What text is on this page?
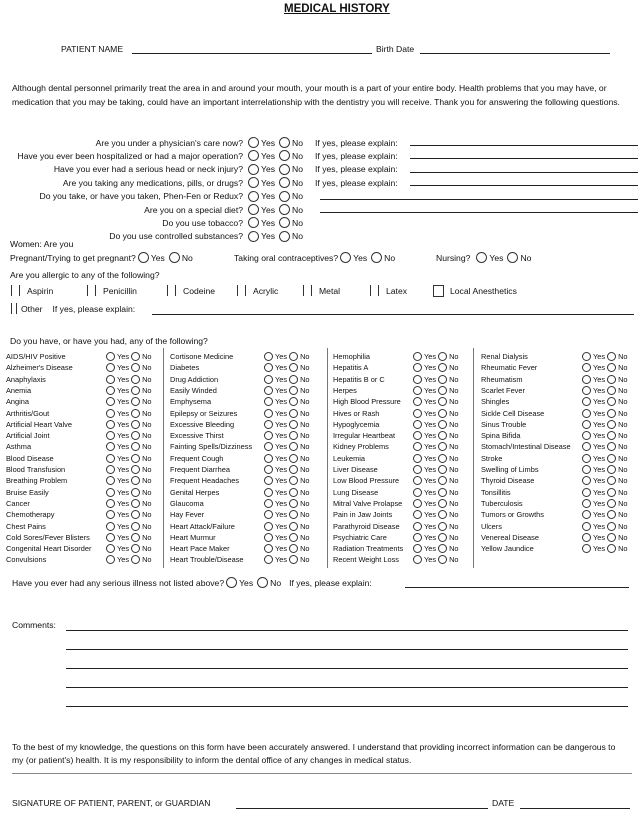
MEDICAL HISTORY
PATIENT NAME	Birth Date
Although dental personnel primarily treat the area in and around your mouth, your mouth is a part of your entire body. Health problems that you may have, or medication that you may be taking, could have an important interrelationship with the dentistry you will receive. Thank you for answering the following questions.
Are you under a physician's care now?	Yes No If yes, please explain:
Have you ever been hospitalized or had a major operation?	Yes No If yes, please explain:
Have you ever had a serious head or neck injury?	Yes No If yes, please explain:
Are you taking any medications, pills, or drugs?	Yes No If yes, please explain:
Do you take, or have you taken, Phen-Fen or Redux?	Yes No
Are you on a special diet?	Yes No
Do you use tobacco?	Yes No
Do you use controlled substances?	Yes No
Women: Are you
Pregnant/Trying to get pregnant? Yes No	Taking oral contraceptives? Yes No	Nursing? Yes No
Are you allergic to any of the following?
Aspirin	Penicillin	Codeine	Acrylic	Metal	Latex	Local Anesthetics
Other If yes, please explain:
Do you have, or have you had, any of the following?
AIDS/HIV Positive	Yes No
Alzheimer's Disease	Yes No
Anaphylaxis	Yes No
Anemia	Yes No
Angina	Yes No
Arthritis/Gout	Yes No
Artificial Heart Valve	Yes No
Artificial Joint	Yes No
Asthma	Yes No
Blood Disease	Yes No
Blood Transfusion	Yes No
Breathing Problem	Yes No
Bruise Easily	Yes No
Cancer	Yes No
Chemotherapy	Yes No
Chest Pains	Yes No
Cold Sores/Fever Blisters	Yes No
Congenital Heart Disorder	Yes No
Convulsions	Yes No
Cortisone Medicine	Yes No
Diabetes	Yes No
Drug Addiction	Yes No
Easily Winded	Yes No
Emphysema	Yes No
Epilepsy or Seizures	Yes No
Excessive Bleeding	Yes No
Excessive Thirst	Yes No
Fainting Spells/Dizziness	Yes No
Frequent Cough	Yes No
Frequent Diarrhea	Yes No
Frequent Headaches	Yes No
Genital Herpes	Yes No
Glaucoma	Yes No
Hay Fever	Yes No
Heart Attack/Failure	Yes No
Heart Murmur	Yes No
Heart Pace Maker	Yes No
Heart Trouble/Disease	Yes No
Hemophilia	Yes No
Hepatitis A	Yes No
Hepatitis B or C	Yes No
Herpes	Yes No
High Blood Pressure	Yes No
Hives or Rash	Yes No
Hypoglycemia	Yes No
Irregular Heartbeat	Yes No
Kidney Problems	Yes No
Leukemia	Yes No
Liver Disease	Yes No
Low Blood Pressure	Yes No
Lung Disease	Yes No
Mitral Valve Prolapse	Yes No
Pain in Jaw Joints	Yes No
Parathyroid Disease	Yes No
Psychiatric Care	Yes No
Radiation Treatments	Yes No
Recent Weight Loss	Yes No
Renal Dialysis	Yes No
Rheumatic Fever	Yes No
Rheumatism	Yes No
Scarlet Fever	Yes No
Shingles	Yes No
Sickle Cell Disease	Yes No
Sinus Trouble	Yes No
Spina Bifida	Yes No
Stomach/Intestinal Disease	Yes No
Stroke	Yes No
Swelling of Limbs	Yes No
Thyroid Disease	Yes No
Tonsillitis	Yes No
Tuberculosis	Yes No
Tumors or Growths	Yes No
Ulcers	Yes No
Venereal Disease	Yes No
Yellow Jaundice	Yes No
Have you ever had any serious illness not listed above? Yes No If yes, please explain:
Comments:
To the best of my knowledge, the questions on this form have been accurately answered. I understand that providing incorrect information can be dangerous to my (or patient's) health. It is my responsibility to inform the dental office of any changes in medical status.
SIGNATURE OF PATIENT, PARENT, or GUARDIAN	DATE
